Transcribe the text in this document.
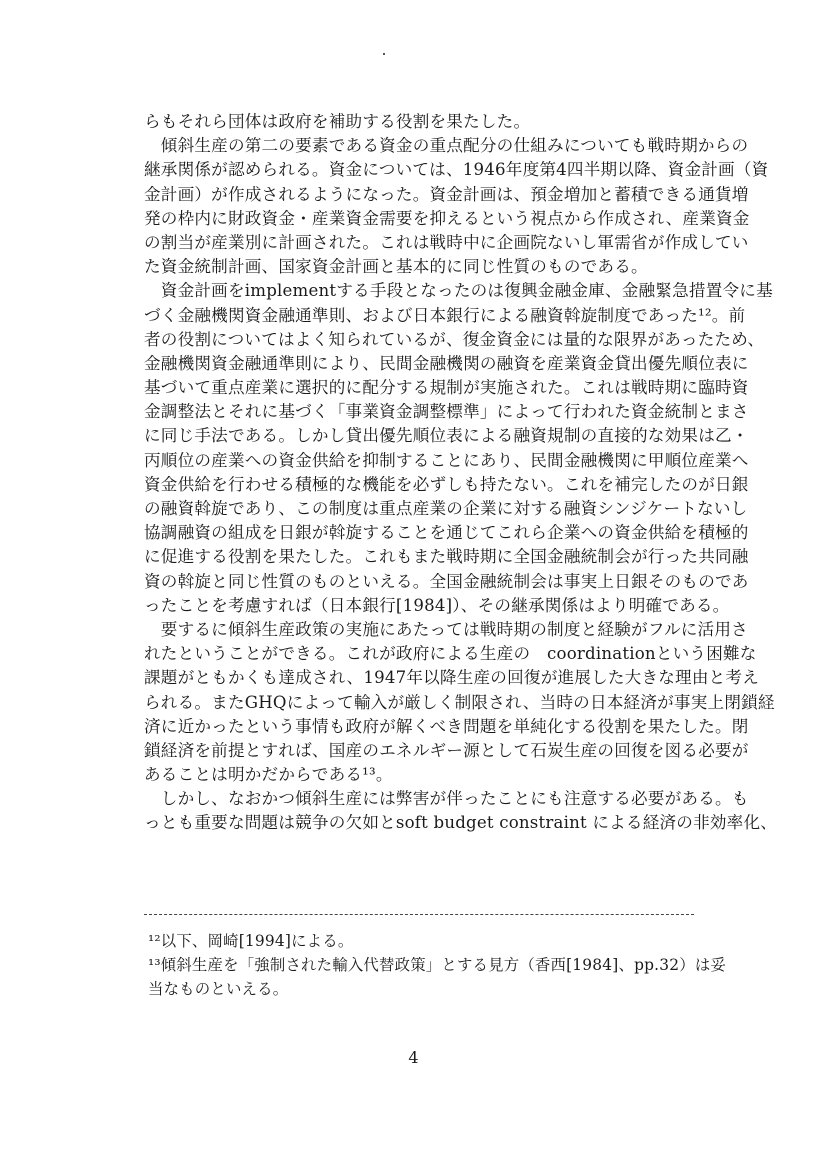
らもそれら団体は政府を補助する役割を果たした。
　傾斜生産の第二の要素である資金の重点配分の仕組みについても戦時期からの
継承関係が認められる。資金については、1946年度第4四半期以降、資金計画（資
金計画）が作成されるようになった。資金計画は、預金増加と蓄積できる通貨増
発の枠内に財政資金・産業資金需要を抑えるという視点から作成され、産業資金
の割当が産業別に計画された。これは戦時中に企画院ないし軍需省が作成してい
た資金統制計画、国家資金計画と基本的に同じ性質のものである。
　資金計画をimplementする手段となったのは復興金融金庫、金融緊急措置令に基
づく金融機関資金融通準則、および日本銀行による融資斡旋制度であった¹²。前
者の役割についてはよく知られているが、復金資金には量的な限界があったため、
金融機関資金融通準則により、民間金融機関の融資を産業資金貸出優先順位表に
基づいて重点産業に選択的に配分する規制が実施された。これは戦時期に臨時資
金調整法とそれに基づく「事業資金調整標準」によって行われた資金統制とまさ
に同じ手法である。しかし貸出優先順位表による融資規制の直接的な効果は乙・
丙順位の産業への資金供給を抑制することにあり、民間金融機関に甲順位産業へ
資金供給を行わせる積極的な機能を必ずしも持たない。これを補完したのが日銀
の融資斡旋であり、この制度は重点産業の企業に対する融資シンジケートないし
協調融資の組成を日銀が斡旋することを通じてこれら企業への資金供給を積極的
に促進する役割を果たした。これもまた戦時期に全国金融統制会が行った共同融
資の斡旋と同じ性質のものといえる。全国金融統制会は事実上日銀そのものであ
ったことを考慮すれば（日本銀行[1984]）、その継承関係はより明確である。
　要するに傾斜生産政策の実施にあたっては戦時期の制度と経験がフルに活用さ
れたということができる。これが政府による生産の　coordinationという困難な
課題がともかくも達成され、1947年以降生産の回復が進展した大きな理由と考え
られる。またGHQによって輸入が厳しく制限され、当時の日本経済が事実上閉鎖経
済に近かったという事情も政府が解くべき問題を単純化する役割を果たした。閉
鎖経済を前提とすれば、国産のエネルギー源として石炭生産の回復を図る必要が
あることは明かだからである¹³。
　しかし、なおかつ傾斜生産には弊害が伴ったことにも注意する必要がある。も
っとも重要な問題は競争の欠如とsoft budget constraint による経済の非効率化、
¹²以下、岡崎[1994]による。
¹³傾斜生産を「強制された輸入代替政策」とする見方（香西[1984]、pp.32）は妥
当なものといえる。
4
